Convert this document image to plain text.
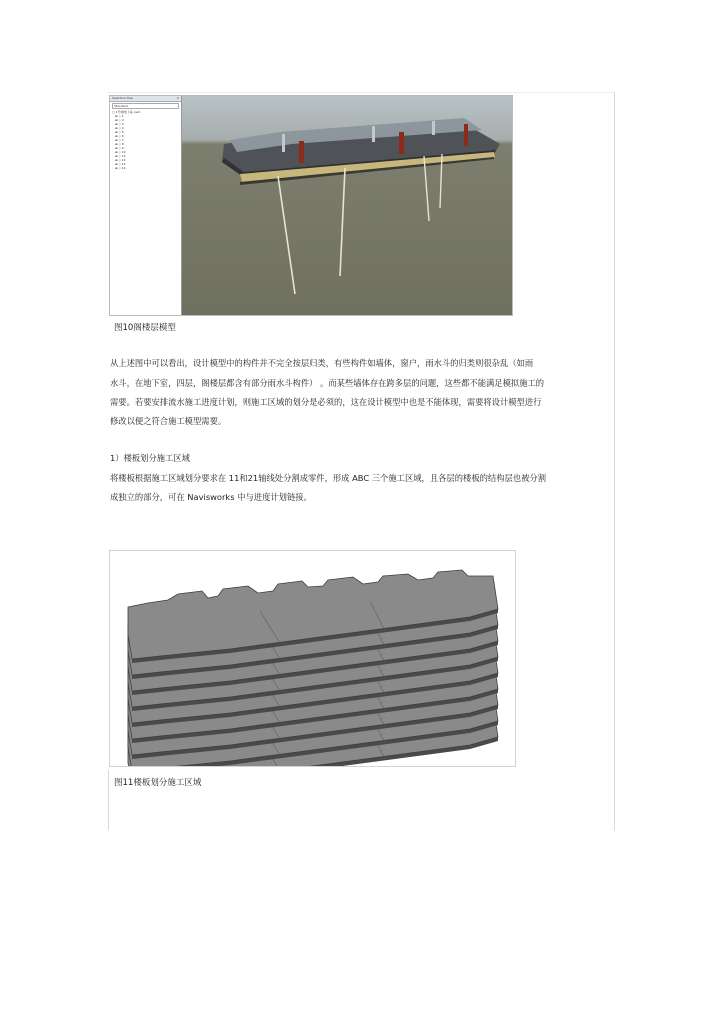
Selection Tree	✕
Standard
□ 1号楼地下室.nwd
⊞ ◇ 1
⊞ ◇ 2
⊞ ◇ 3
⊞ ◇ 4
⊞ ◇ 5
⊞ ◇ 6
⊞ ◇ 7
⊞ ◇ 8
⊞ ◇ 9
⊞ ◇ 10
⊞ ◇ 11
⊞ ◇ 12
⊞ ◇ 13
⊞ ◇ 14
图10阁楼层模型
从上述图中可以看出，设计模型中的构件并不完全按层归类，有些构件如墙体，窗户，雨水斗的归类则很杂乱（如雨
水斗，在地下室，四层，阁楼层都含有部分雨水斗构件） 。而某些墙体存在跨多层的问题，这些都不能满足模拟施工的
需要。若要安排流水施工进度计划，则施工区域的划分是必须的，这在设计模型中也是不能体现，需要将设计模型进行
修改以便之符合施工模型需要。
1）楼板划分施工区域
将楼板根据施工区域划分要求在 11和21轴线处分割成零件，形成 ABC 三个施工区域，且各层的楼板的结构层也被分割
成独立的部分，可在 Navisworks 中与进度计划链接。
图11楼板划分施工区域
